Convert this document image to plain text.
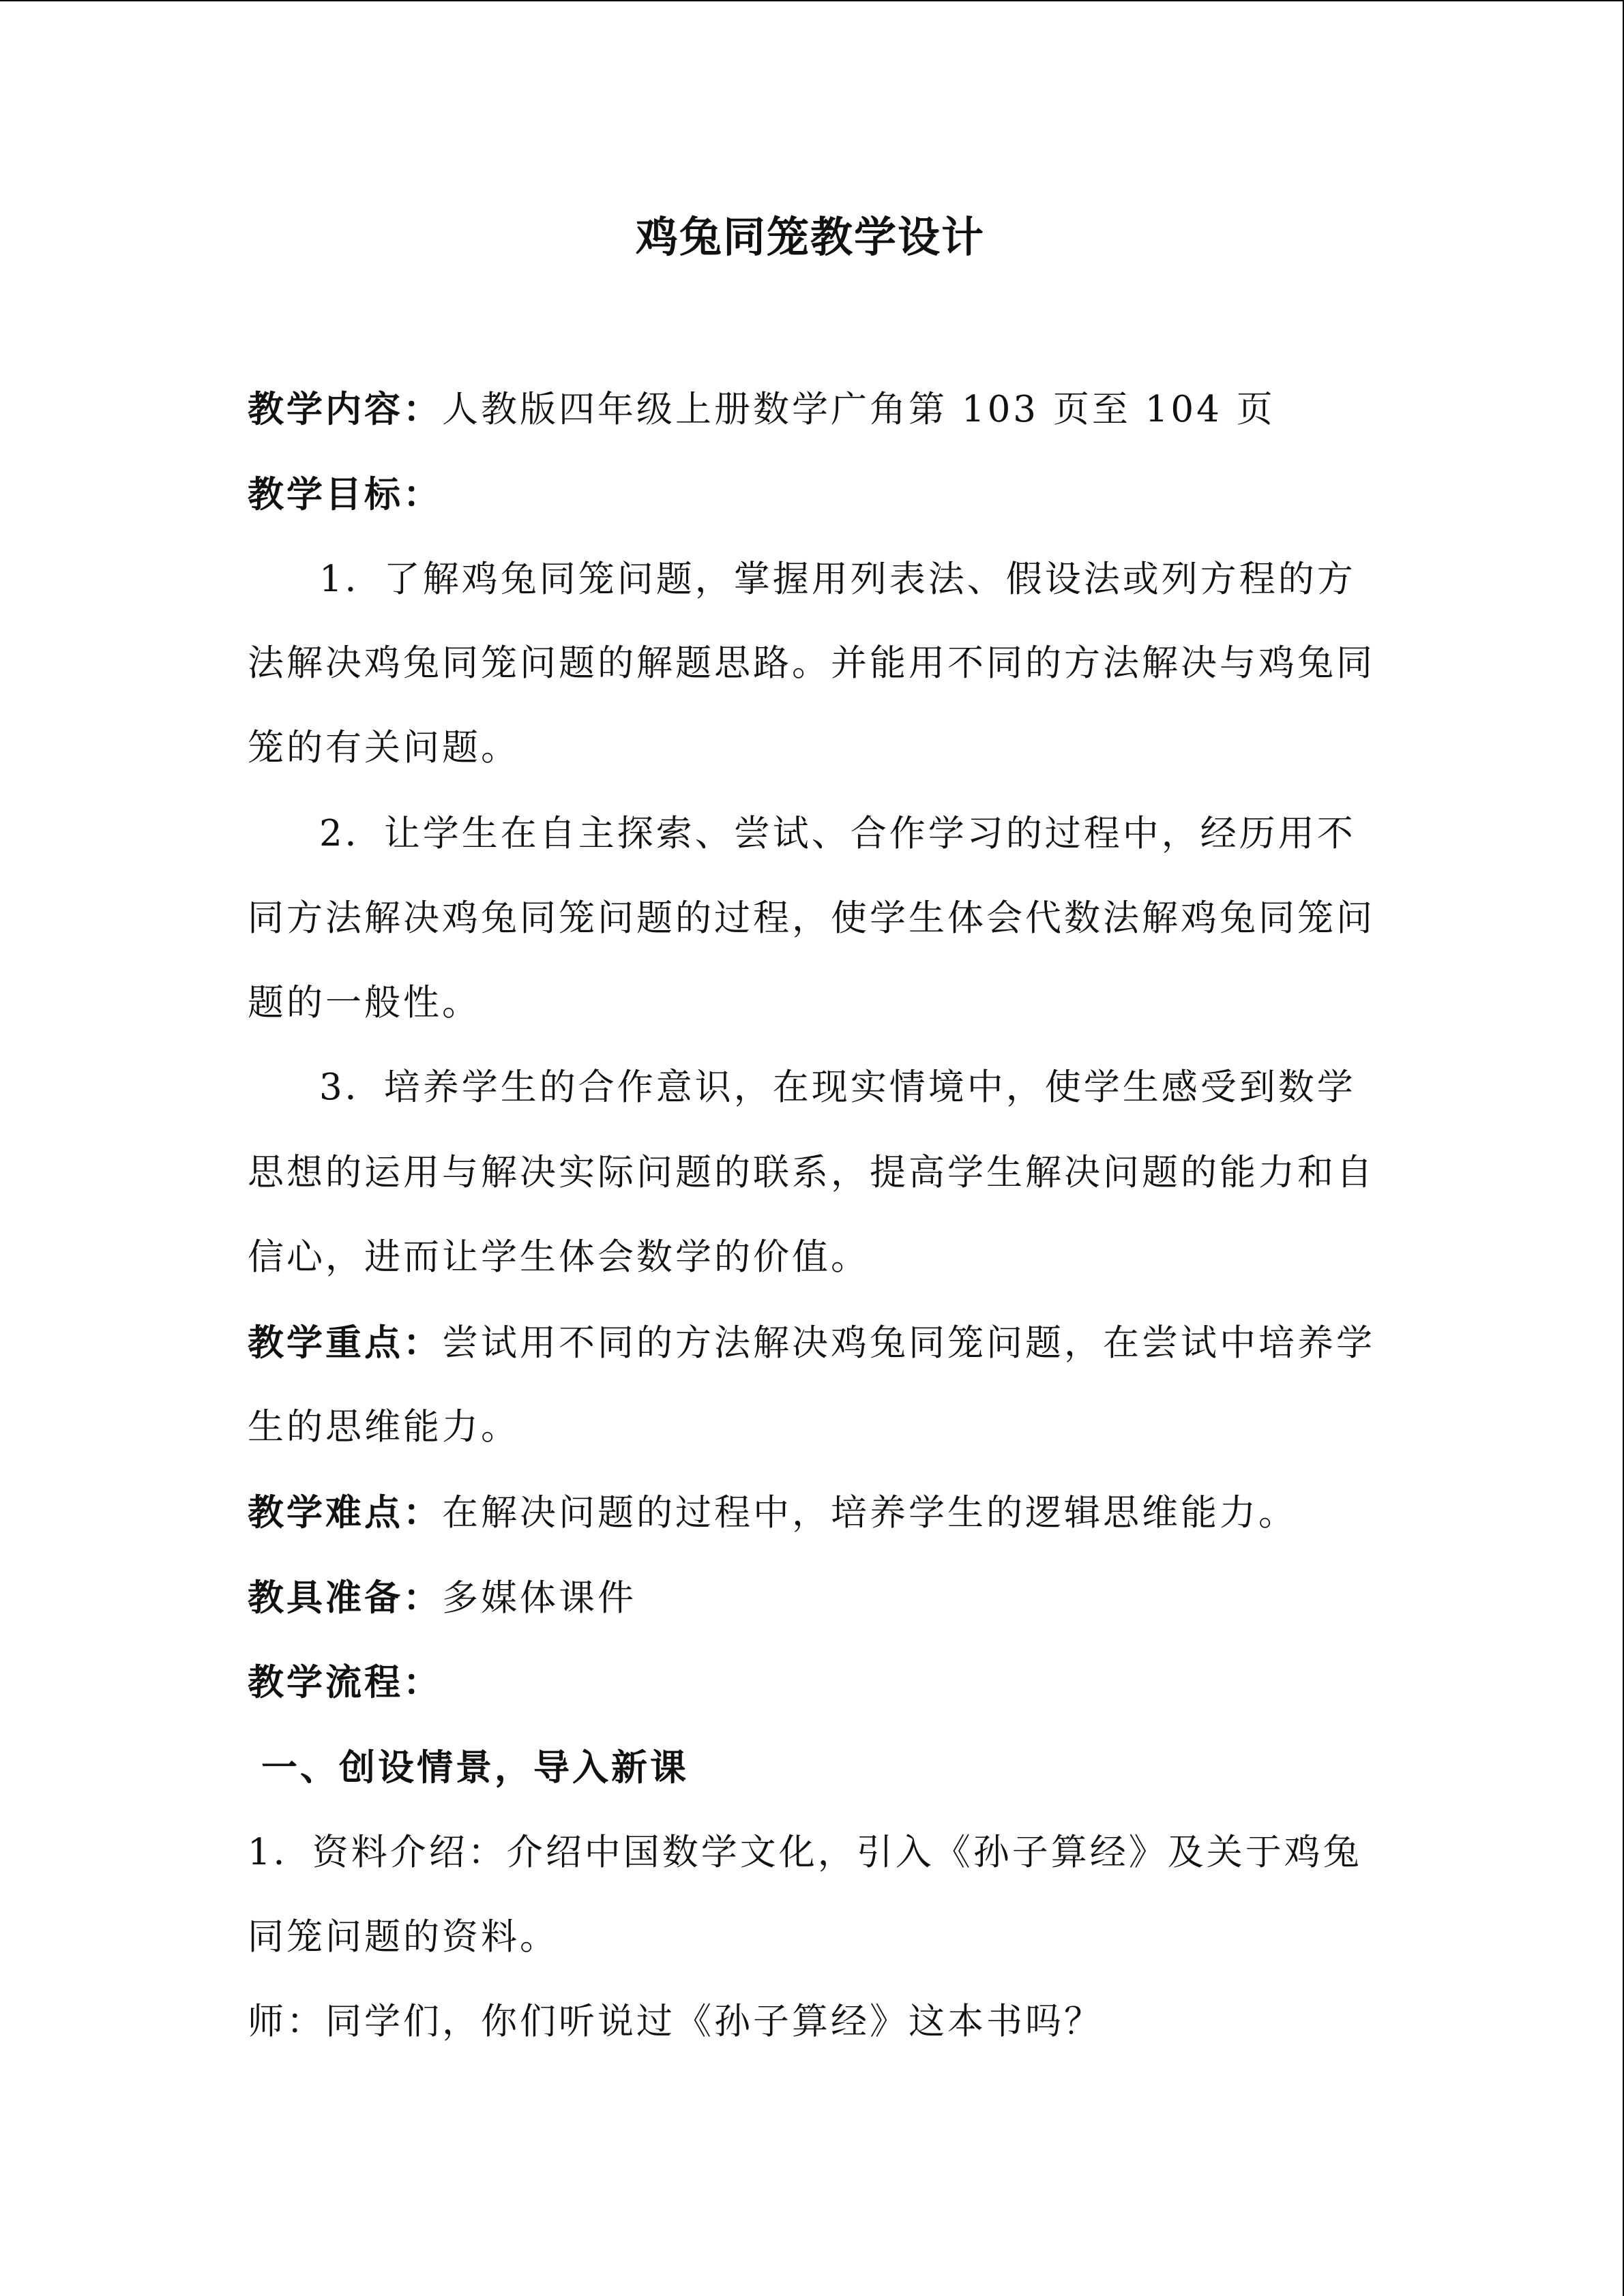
鸡兔同笼教学设计
教学内容：人教版四年级上册数学广角第 103 页至 104 页
教学目标：
1．了解鸡兔同笼问题，掌握用列表法、假设法或列方程的方
法解决鸡兔同笼问题的解题思路。并能用不同的方法解决与鸡兔同
笼的有关问题。
2．让学生在自主探索、尝试、合作学习的过程中，经历用不
同方法解决鸡兔同笼问题的过程，使学生体会代数法解鸡兔同笼问
题的一般性。
3．培养学生的合作意识，在现实情境中，使学生感受到数学
思想的运用与解决实际问题的联系，提高学生解决问题的能力和自
信心，进而让学生体会数学的价值。
教学重点：尝试用不同的方法解决鸡兔同笼问题，在尝试中培养学
生的思维能力。
教学难点：在解决问题的过程中，培养学生的逻辑思维能力。
教具准备：多媒体课件
教学流程：
一、创设情景，导入新课
1．资料介绍：介绍中国数学文化，引入《孙子算经》及关于鸡兔
同笼问题的资料。
师：同学们，你们听说过《孙子算经》这本书吗？
